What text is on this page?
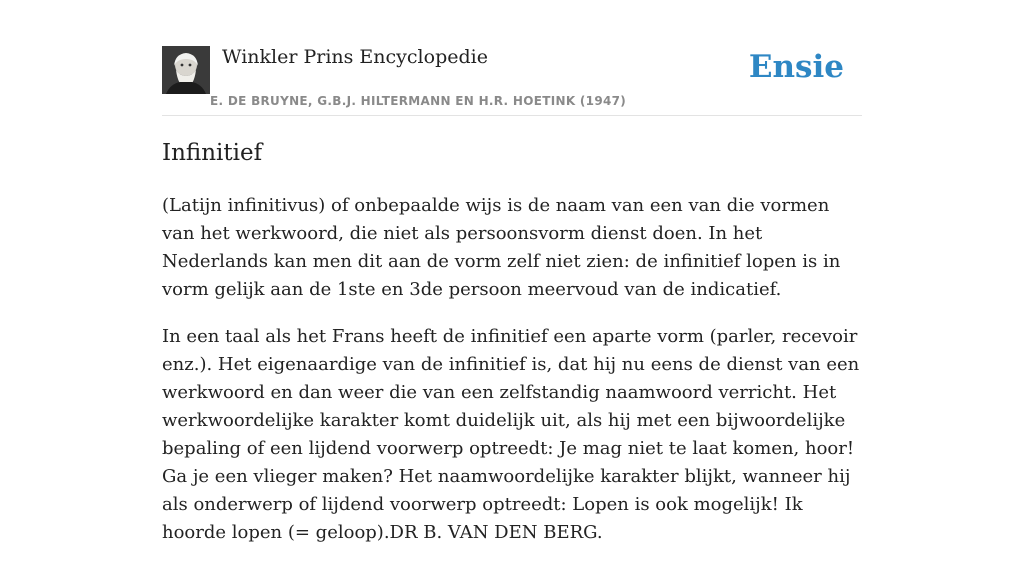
Winkler Prins Encyclopedie
E. DE BRUYNE, G.B.J. HILTERMANN EN H.R. HOETINK (1947)
Ensie
Infinitief

(Latijn infinitivus) of onbepaalde wijs is de naam van een van die vormen van het werkwoord, die niet als persoonsvorm dienst doen. In het Nederlands kan men dit aan de vorm zelf niet zien: de infinitief lopen is in vorm gelijk aan de 1ste en 3de persoon meervoud van de indicatief.

In een taal als het Frans heeft de infinitief een aparte vorm (parler, recevoir enz.). Het eigenaardige van de infinitief is, dat hij nu eens de dienst van een werkwoord en dan weer die van een zelfstandig naamwoord verricht. Het werkwoordelijke karakter komt duidelijk uit, als hij met een bijwoordelijke bepaling of een lijdend voorwerp optreedt: Je mag niet te laat komen, hoor! Ga je een vlieger maken? Het naamwoordelijke karakter blijkt, wanneer hij als onderwerp of lijdend voorwerp optreedt: Lopen is ook mogelijk! Ik hoorde lopen (= geloop).DR B. VAN DEN BERG.
